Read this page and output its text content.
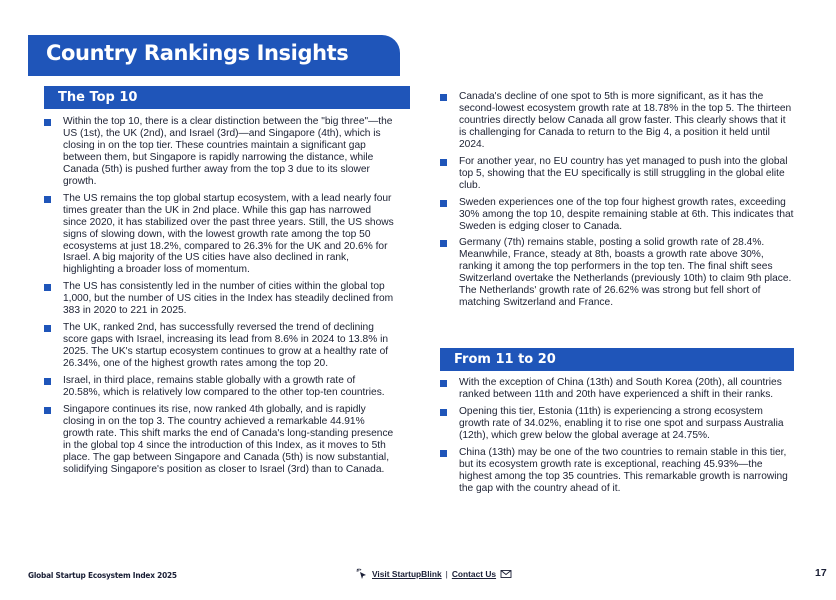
Country Rankings Insights
The Top 10
Within the top 10, there is a clear distinction between the "big three"—the US (1st), the UK (2nd), and Israel (3rd)—and Singapore (4th), which is closing in on the top tier. These countries maintain a significant gap between them, but Singapore is rapidly narrowing the distance, while Canada (5th) is pushed further away from the top 3 due to its slower growth.
The US remains the top global startup ecosystem, with a lead nearly four times greater than the UK in 2nd place. While this gap has narrowed since 2020, it has stabilized over the past three years. Still, the US shows signs of slowing down, with the lowest growth rate among the top 50 ecosystems at just 18.2%, compared to 26.3% for the UK and 20.6% for Israel. A big majority of the US cities have also declined in rank, highlighting a broader loss of momentum.
The US has consistently led in the number of cities within the global top 1,000, but the number of US cities in the Index has steadily declined from 383 in 2020 to 221 in 2025.
The UK, ranked 2nd, has successfully reversed the trend of declining score gaps with Israel, increasing its lead from 8.6% in 2024 to 13.8% in 2025. The UK's startup ecosystem continues to grow at a healthy rate of 26.34%, one of the highest growth rates among the top 20.
Israel, in third place, remains stable globally with a growth rate of 20.58%, which is relatively low compared to the other top-ten countries.
Singapore continues its rise, now ranked 4th globally, and is rapidly closing in on the top 3. The country achieved a remarkable 44.91% growth rate. This shift marks the end of Canada's long-standing presence in the global top 4 since the introduction of this Index, as it moves to 5th place. The gap between Singapore and Canada (5th) is now substantial, solidifying Singapore's position as closer to Israel (3rd) than to Canada.
Canada's decline of one spot to 5th is more significant, as it has the second-lowest ecosystem growth rate at 18.78% in the top 5. The thirteen countries directly below Canada all grow faster. This clearly shows that it is challenging for Canada to return to the Big 4, a position it held until 2024.
For another year, no EU country has yet managed to push into the global top 5, showing that the EU specifically is still struggling in the global elite club.
Sweden experiences one of the top four highest growth rates, exceeding 30% among the top 10, despite remaining stable at 6th. This indicates that Sweden is edging closer to Canada.
Germany (7th) remains stable, posting a solid growth rate of 28.4%. Meanwhile, France, steady at 8th, boasts a growth rate above 30%, ranking it among the top performers in the top ten. The final shift sees Switzerland overtake the Netherlands (previously 10th) to claim 9th place. The Netherlands' growth rate of 26.62% was strong but fell short of matching Switzerland and France.
From 11 to 20
With the exception of China (13th) and South Korea (20th), all countries ranked between 11th and 20th have experienced a shift in their ranks.
Opening this tier, Estonia (11th) is experiencing a strong ecosystem growth rate of 34.02%, enabling it to rise one spot and surpass Australia (12th), which grew below the global average at 24.75%.
China (13th) may be one of the two countries to remain stable in this tier, but its ecosystem growth rate is exceptional, reaching 45.93%—the highest among the top 35 countries. This remarkable growth is narrowing the gap with the country ahead of it.
Global Startup Ecosystem Index 2025	Visit StartupBlink | Contact Us	17
